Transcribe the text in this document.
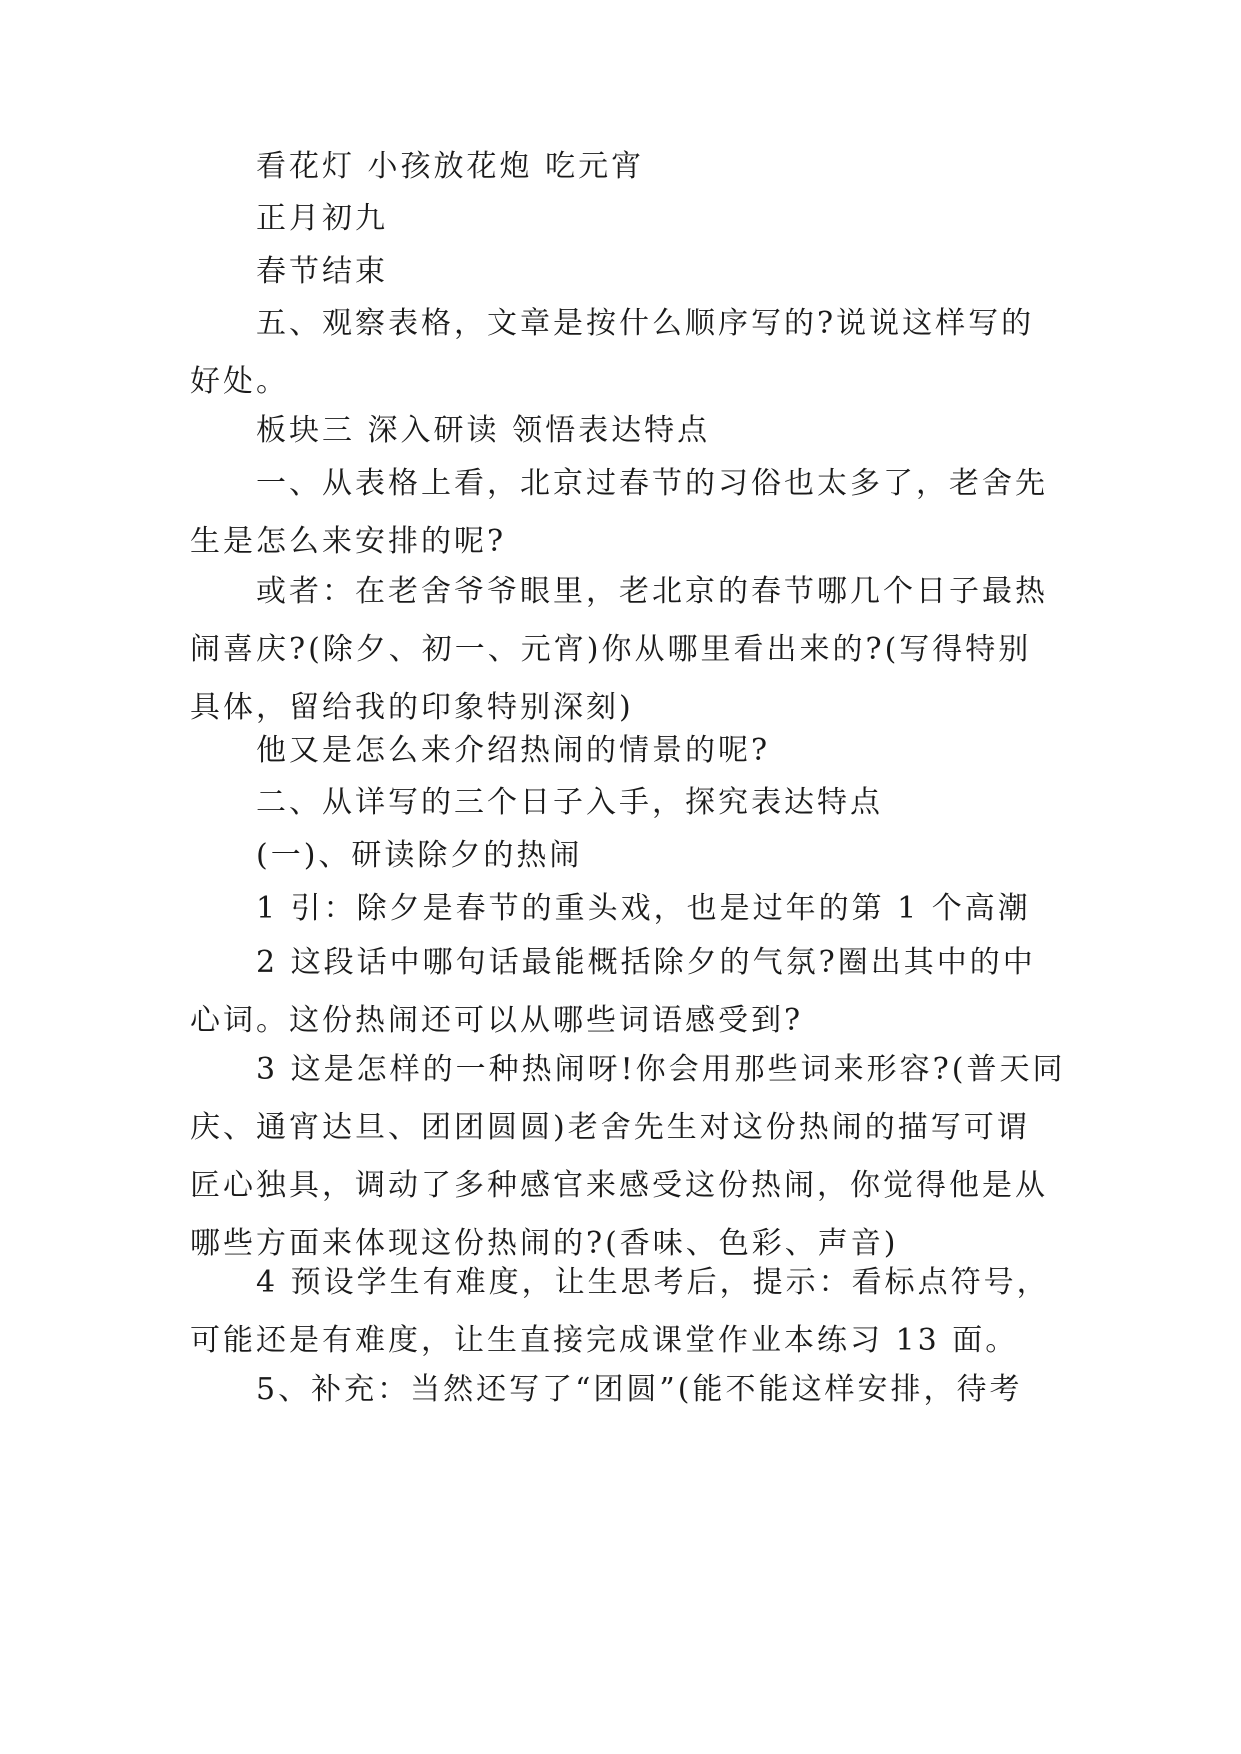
看花灯 小孩放花炮 吃元宵

正月初九

春节结束

五、观察表格，文章是按什么顺序写的?说说这样写的
好处。

板块三 深入研读 领悟表达特点

一、从表格上看，北京过春节的习俗也太多了，老舍先
生是怎么来安排的呢?

或者：在老舍爷爷眼里，老北京的春节哪几个日子最热
闹喜庆?(除夕、初一、元宵)你从哪里看出来的?(写得特别
具体，留给我的印象特别深刻)

他又是怎么来介绍热闹的情景的呢?

二、从详写的三个日子入手，探究表达特点

(一)、研读除夕的热闹

1 引：除夕是春节的重头戏，也是过年的第 1 个高潮

2 这段话中哪句话最能概括除夕的气氛?圈出其中的中
心词。这份热闹还可以从哪些词语感受到?

3 这是怎样的一种热闹呀!你会用那些词来形容?(普天同
庆、通宵达旦、团团圆圆)老舍先生对这份热闹的描写可谓
匠心独具，调动了多种感官来感受这份热闹，你觉得他是从
哪些方面来体现这份热闹的?(香味、色彩、声音)

4 预设学生有难度，让生思考后，提示：看标点符号，
可能还是有难度，让生直接完成课堂作业本练习 13 面。

5、补充：当然还写了“团圆”(能不能这样安排，待考
